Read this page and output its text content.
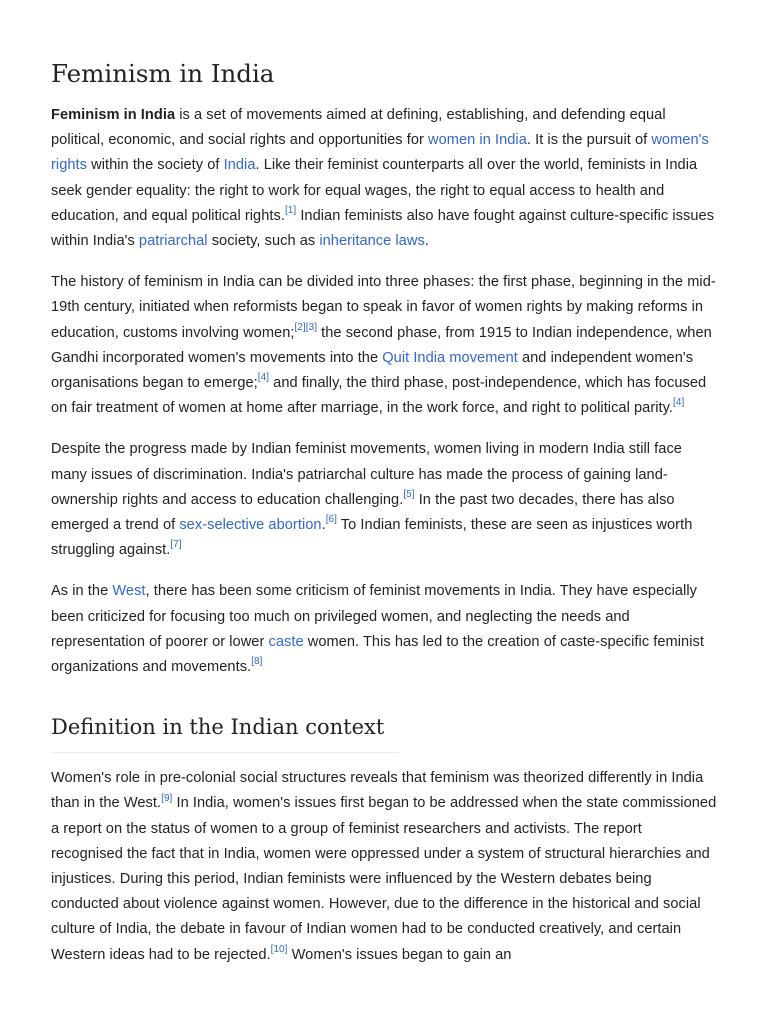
Feminism in India

Feminism in India is a set of movements aimed at defining, establishing, and defending equal political, economic, and social rights and opportunities for women in India. It is the pursuit of women's rights within the society of India. Like their feminist counterparts all over the world, feminists in India seek gender equality: the right to work for equal wages, the right to equal access to health and education, and equal political rights.[1] Indian feminists also have fought against culture-specific issues within India's patriarchal society, such as inheritance laws.

The history of feminism in India can be divided into three phases: the first phase, beginning in the mid-19th century, initiated when reformists began to speak in favor of women rights by making reforms in education, customs involving women;[2][3] the second phase, from 1915 to Indian independence, when Gandhi incorporated women's movements into the Quit India movement and independent women's organisations began to emerge;[4] and finally, the third phase, post-independence, which has focused on fair treatment of women at home after marriage, in the work force, and right to political parity.[4]

Despite the progress made by Indian feminist movements, women living in modern India still face many issues of discrimination. India's patriarchal culture has made the process of gaining land-ownership rights and access to education challenging.[5] In the past two decades, there has also emerged a trend of sex-selective abortion.[6] To Indian feminists, these are seen as injustices worth struggling against.[7]

As in the West, there has been some criticism of feminist movements in India. They have especially been criticized for focusing too much on privileged women, and neglecting the needs and representation of poorer or lower caste women. This has led to the creation of caste-specific feminist organizations and movements.[8]

Definition in the Indian context

Women's role in pre-colonial social structures reveals that feminism was theorized differently in India than in the West.[9] In India, women's issues first began to be addressed when the state commissioned a report on the status of women to a group of feminist researchers and activists. The report recognised the fact that in India, women were oppressed under a system of structural hierarchies and injustices. During this period, Indian feminists were influenced by the Western debates being conducted about violence against women. However, due to the difference in the historical and social culture of India, the debate in favour of Indian women had to be conducted creatively, and certain Western ideas had to be rejected.[10] Women's issues began to gain an
